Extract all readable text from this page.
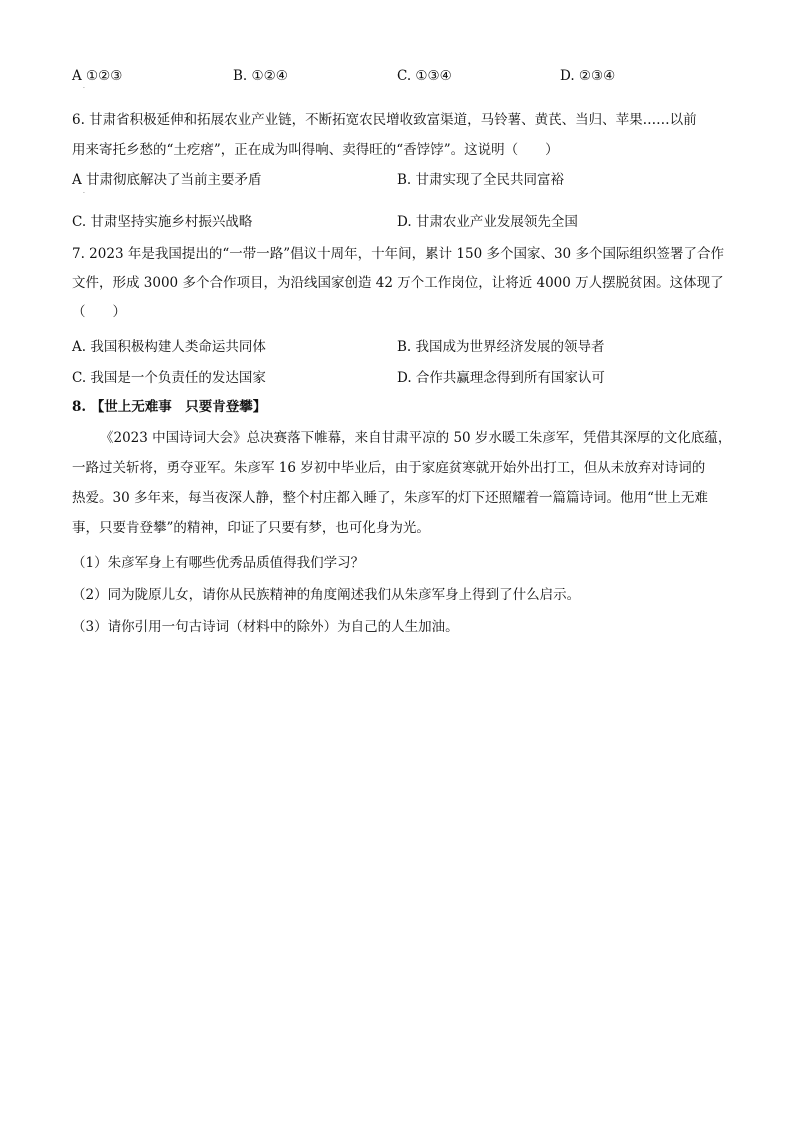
A ①②③
·
B. ①②④	C. ①③④	D. ②③④
6. 甘肃省积极延伸和拓展农业产业链，不断拓宽农民增收致富渠道，马铃薯、黄芪、当归、苹果……以前
用来寄托乡愁的“土疙瘩”，正在成为叫得响、卖得旺的“香饽饽”。这说明（　　）
A 甘肃彻底解决了当前主要矛盾
·
B. 甘肃实现了全民共同富裕
C. 甘肃坚持实施乡村振兴战略	D. 甘肃农业产业发展领先全国
7. 2023 年是我国提出的“一带一路”倡议十周年，十年间，累计 150 多个国家、30 多个国际组织签署了合作
文件，形成 3000 多个合作项目，为沿线国家创造 42 万个工作岗位，让将近 4000 万人摆脱贫困。这体现了
（　　）
A. 我国积极构建人类命运共同体	B. 我国成为世界经济发展的领导者
C. 我国是一个负责任的发达国家	D. 合作共赢理念得到所有国家认可
8. 【世上无难事　只要肯登攀】
《2023 中国诗词大会》总决赛落下帷幕，来自甘肃平凉的 50 岁水暖工朱彦军，凭借其深厚的文化底蕴，
一路过关斩将，勇夺亚军。朱彦军 16 岁初中毕业后，由于家庭贫寒就开始外出打工，但从未放弃对诗词的
热爱。30 多年来，每当夜深人静，整个村庄都入睡了，朱彦军的灯下还照耀着一篇篇诗词。他用“世上无难
事，只要肯登攀”的精神，印证了只要有梦，也可化身为光。
（1）朱彦军身上有哪些优秀品质值得我们学习？
（2）同为陇原儿女，请你从民族精神的角度阐述我们从朱彦军身上得到了什么启示。
（3）请你引用一句古诗词（材料中的除外）为自己的人生加油。
